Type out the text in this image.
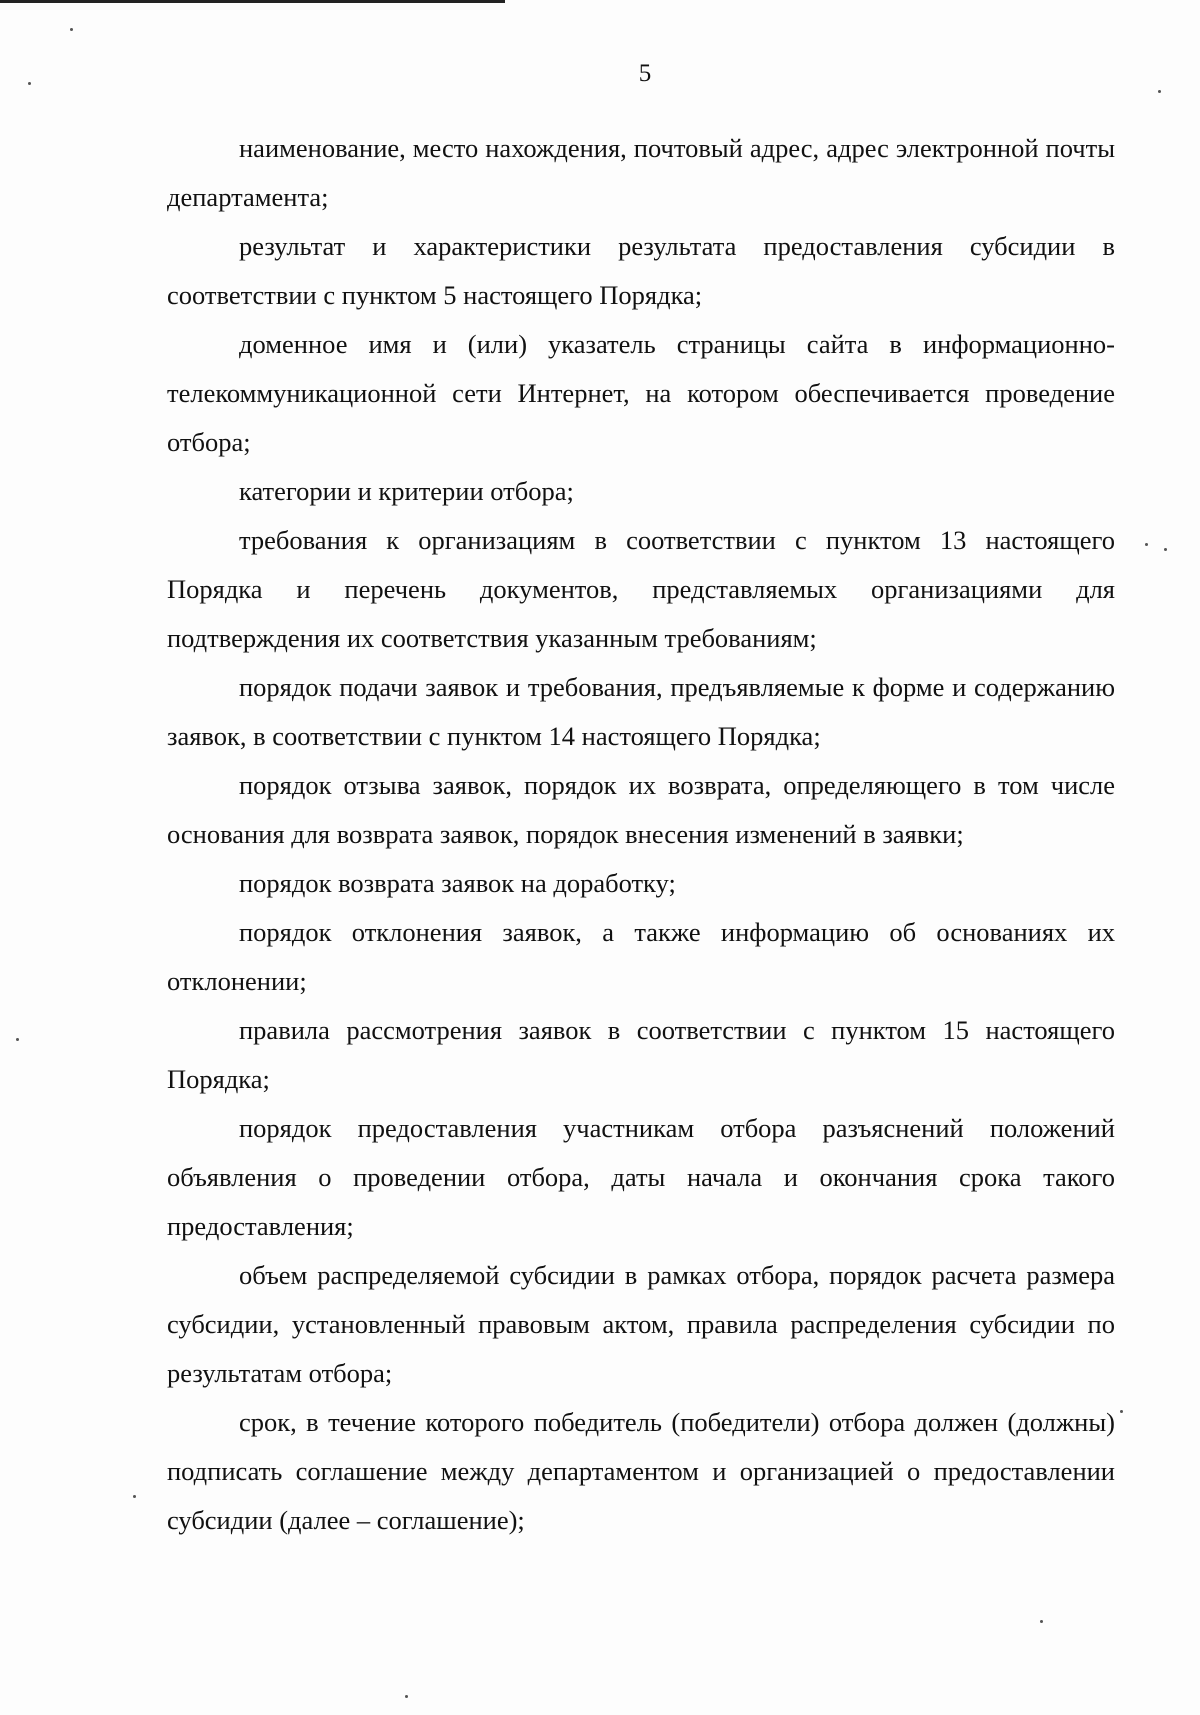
5

наименование, место нахождения, почтовый адрес, адрес электронной почты департамента;

результат и характеристики результата предоставления субсидии в соответствии с пунктом 5 настоящего Порядка;

доменное имя и (или) указатель страницы сайта в информационно-телекоммуникационной сети Интернет, на котором обеспечивается проведение отбора;

категории и критерии отбора;

требования к организациям в соответствии с пунктом 13 настоящего Порядка и перечень документов, представляемых организациями для подтверждения их соответствия указанным требованиям;

порядок подачи заявок и требования, предъявляемые к форме и содержанию заявок, в соответствии с пунктом 14 настоящего Порядка;

порядок отзыва заявок, порядок их возврата, определяющего в том числе основания для возврата заявок, порядок внесения изменений в заявки;

порядок возврата заявок на доработку;

порядок отклонения заявок, а также информацию об основаниях их отклонении;

правила рассмотрения заявок в соответствии с пунктом 15 настоящего Порядка;

порядок предоставления участникам отбора разъяснений положений объявления о проведении отбора, даты начала и окончания срока такого предоставления;

объем распределяемой субсидии в рамках отбора, порядок расчета размера субсидии, установленный правовым актом, правила распределения субсидии по результатам отбора;

срок, в течение которого победитель (победители) отбора должен (должны) подписать соглашение между департаментом и организацией о предоставлении субсидии (далее – соглашение);
